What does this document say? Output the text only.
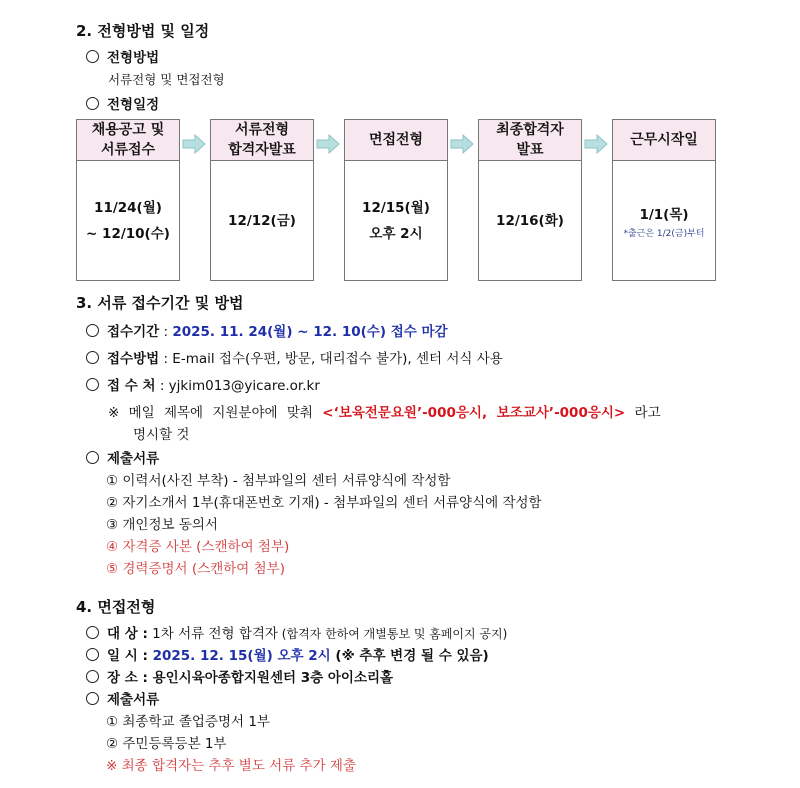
2. 전형방법 및 일정
전형방법
서류전형 및 면접전형
전형일정
채용공고 및
서류접수
11/24(월)
~ 12/10(수)
서류전형
합격자발표
12/12(금)
면접전형
12/15(월)
오후 2시
최종합격자
발표
12/16(화)
근무시작일
1/1(목)
*출근은 1/2(금)부터
3. 서류 접수기간 및 방법
접수기간 : 2025. 11. 24(월) ~ 12. 10(수) 접수 마감
접수방법 : E-mail 접수(우편, 방문, 대리접수 불가), 센터 서식 사용
접 수 처 : yjkim013@yicare.or.kr
※ 메일 제목에 지원분야에 맞춰 <‘보육전문요원’-000응시, 보조교사’-000응시> 라고
명시할 것
제출서류
① 이력서(사진 부착) - 첨부파일의 센터 서류양식에 작성함
② 자기소개서 1부(휴대폰번호 기재) - 첨부파일의 센터 서류양식에 작성함
③ 개인정보 동의서
④ 자격증 사본 (스캔하여 첨부)
⑤ 경력증명서 (스캔하여 첨부)
4. 면접전형
대 상 : 1차 서류 전형 합격자 (합격자 한하여 개별통보 및 홈페이지 공지)
일 시 : 2025. 12. 15(월) 오후 2시 (※ 추후 변경 될 수 있음)
장 소 : 용인시육아종합지원센터 3층 아이소리홀
제출서류
① 최종학교 졸업증명서 1부
② 주민등록등본 1부
※ 최종 합격자는 추후 별도 서류 추가 제출
